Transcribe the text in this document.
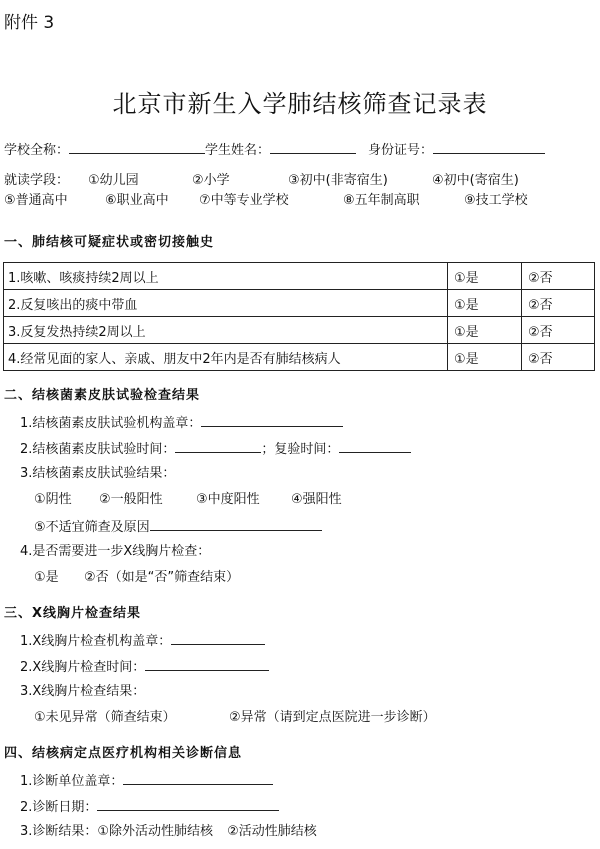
附件 3
北京市新生入学肺结核筛查记录表
学校全称：	学生姓名：	身份证号：
就读学段： ①幼儿园	②小学	③初中(非寄宿生)	④初中(寄宿生)
⑤普通高中	⑥职业高中 ⑦中等专业学校	⑧五年制高职	⑨技工学校
一、肺结核可疑症状或密切接触史
1.咳嗽、咳痰持续2周以上	①是	②否
2.反复咳出的痰中带血	①是	②否
3.反复发热持续2周以上	①是	②否
4.经常见面的家人、亲戚、朋友中2年内是否有肺结核病人	①是	②否
二、结核菌素皮肤试验检查结果
1.结核菌素皮肤试验机构盖章：
2.结核菌素皮肤试验时间：	；复验时间：
3.结核菌素皮肤试验结果：
①阴性 ②一般阳性	③中度阳性 ④强阳性
⑤不适宜筛查及原因
4.是否需要进一步X线胸片检查：
①是 ②否（如是“否”筛查结束）
三、X线胸片检查结果
1.X线胸片检查机构盖章：
2.X线胸片检查时间：
3.X线胸片检查结果：
①未见异常（筛查结束）	②异常（请到定点医院进一步诊断）
四、结核病定点医疗机构相关诊断信息
1.诊断单位盖章：
2.诊断日期：
3.诊断结果：①除外活动性肺结核 ②活动性肺结核
